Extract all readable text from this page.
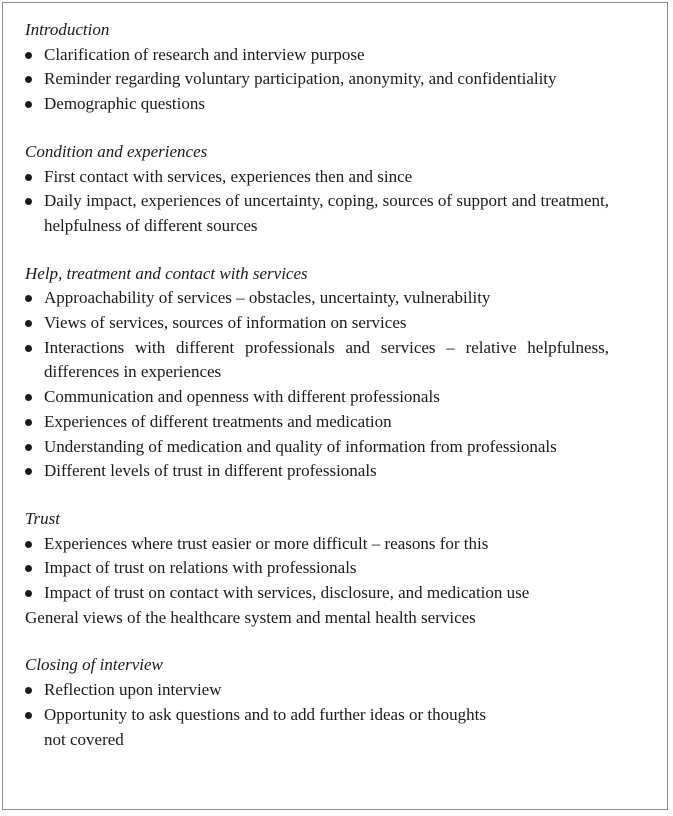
Introduction
Clarification of research and interview purpose
Reminder regarding voluntary participation, anonymity, and confidentiality
Demographic questions
Condition and experiences
First contact with services, experiences then and since
Daily impact, experiences of uncertainty, coping, sources of support and treatment, helpfulness of different sources
Help, treatment and contact with services
Approachability of services – obstacles, uncertainty, vulnerability
Views of services, sources of information on services
Interactions with different professionals and services – relative helpfulness, differences in experiences
Communication and openness with different professionals
Experiences of different treatments and medication
Understanding of medication and quality of information from professionals
Different levels of trust in different professionals
Trust
Experiences where trust easier or more difficult – reasons for this
Impact of trust on relations with professionals
Impact of trust on contact with services, disclosure, and medication use
General views of the healthcare system and mental health services
Closing of interview
Reflection upon interview
Opportunity to ask questions and to add further ideas or thoughts
not covered
